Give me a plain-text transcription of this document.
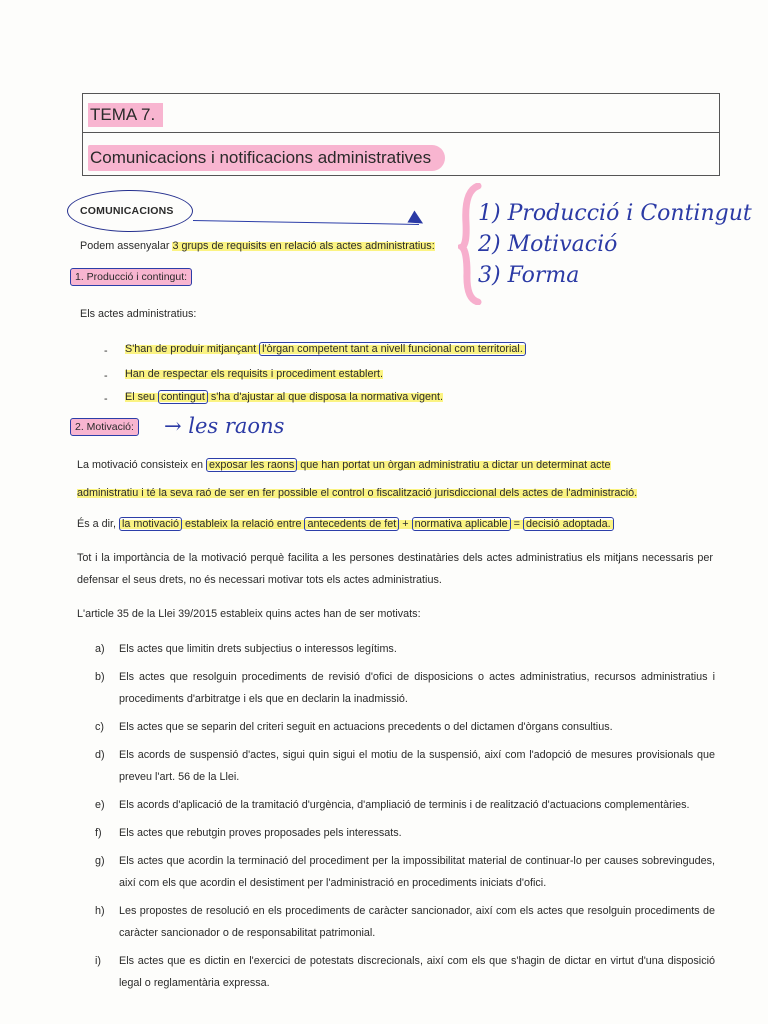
TEMA 7.
Comunicacions i notificacions administratives
COMUNICACIONS
Podem assenyalar 3 grups de requisits en relació als actes administratius:
1) Producció i Contingut
2) Motivació
3) Forma
1. Producció i contingut:
Els actes administratius:
- S'han de produir mitjançant l'òrgan competent tant a nivell funcional com territorial.
- Han de respectar els requisits i procediment establert.
- El seu contingut s'ha d'ajustar al que disposa la normativa vigent.
2. Motivació: → les raons
La motivació consisteix en exposar les raons que han portat un òrgan administratiu a dictar un determinat acte
administratiu i té la seva raó de ser en fer possible el control o fiscalització jurisdiccional dels actes de l'administració.
És a dir, la motivació estableix la relació entre antecedents de fet + normativa aplicable = decisió adoptada.
Tot i la importància de la motivació perquè facilita a les persones destinatàries dels actes administratius els mitjans necessaris per defensar el seus drets, no és necessari motivar tots els actes administratius.
L'article 35 de la Llei 39/2015 estableix quins actes han de ser motivats:
a)	Els actes que limitin drets subjectius o interessos legítims.
b)	Els actes que resolguin procediments de revisió d'ofici de disposicions o actes administratius, recursos administratius i procediments d'arbitratge i els que en declarin la inadmissió.
c)	Els actes que se separin del criteri seguit en actuacions precedents o del dictamen d'òrgans consultius.
d)	Els acords de suspensió d'actes, sigui quin sigui el motiu de la suspensió, així com l'adopció de mesures provisionals que preveu l'art. 56 de la Llei.
e)	Els acords d'aplicació de la tramitació d'urgència, d'ampliació de terminis i de realització d'actuacions complementàries.
f)	Els actes que rebutgin proves proposades pels interessats.
g)	Els actes que acordin la terminació del procediment per la impossibilitat material de continuar-lo per causes sobrevingudes, així com els que acordin el desistiment per l'administració en procediments iniciats d'ofici.
h)	Les propostes de resolució en els procediments de caràcter sancionador, així com els actes que resolguin procediments de caràcter sancionador o de responsabilitat patrimonial.
i)	Els actes que es dictin en l'exercici de potestats discrecionals, així com els que s'hagin de dictar en virtut d'una disposició legal o reglamentària expressa.
